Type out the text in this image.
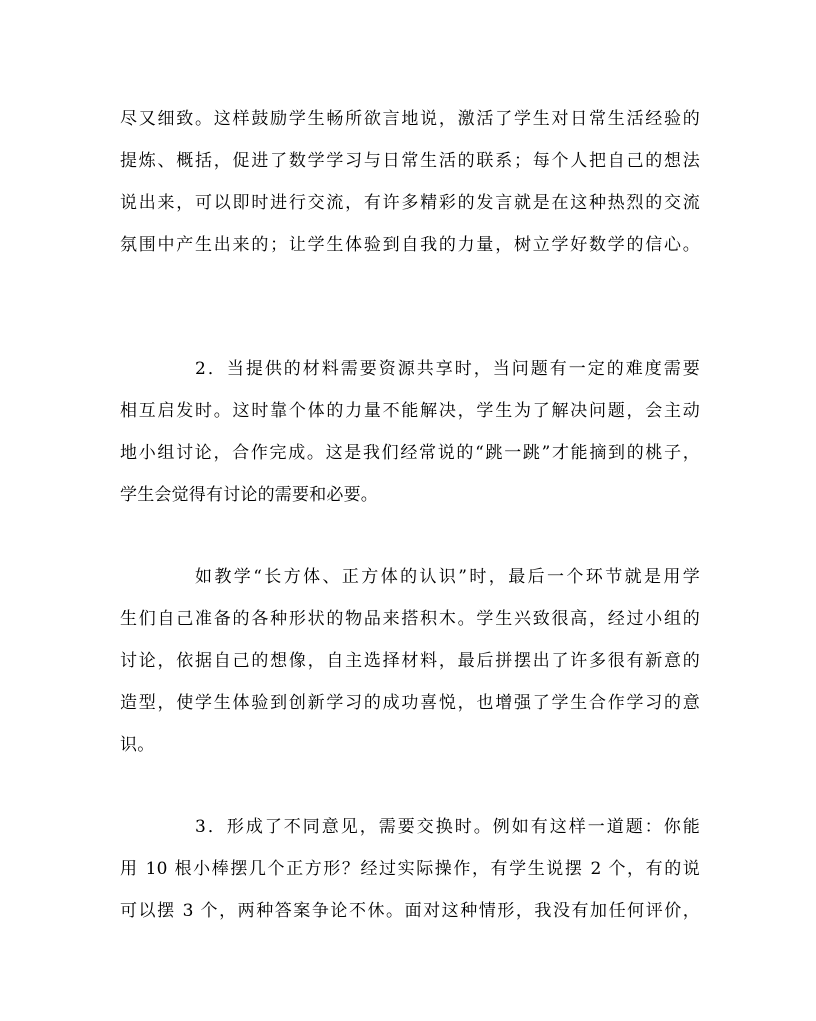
尽又细致。这样鼓励学生畅所欲言地说，激活了学生对日常生活经验的
提炼、概括，促进了数学学习与日常生活的联系；每个人把自己的想法
说出来，可以即时进行交流，有许多精彩的发言就是在这种热烈的交流
氛围中产生出来的；让学生体验到自我的力量，树立学好数学的信心。
2．当提供的材料需要资源共享时，当问题有一定的难度需要
相互启发时。这时靠个体的力量不能解决，学生为了解决问题，会主动
地小组讨论，合作完成。这是我们经常说的“跳一跳”才能摘到的桃子，
学生会觉得有讨论的需要和必要。
如教学“长方体、正方体的认识”时，最后一个环节就是用学
生们自己准备的各种形状的物品来搭积木。学生兴致很高，经过小组的
讨论，依据自己的想像，自主选择材料，最后拼摆出了许多很有新意的
造型，使学生体验到创新学习的成功喜悦，也增强了学生合作学习的意
识。
3．形成了不同意见，需要交换时。例如有这样一道题：你能
用 10 根小棒摆几个正方形？经过实际操作，有学生说摆 2 个，有的说
可以摆 3 个，两种答案争论不休。面对这种情形，我没有加任何评价，
